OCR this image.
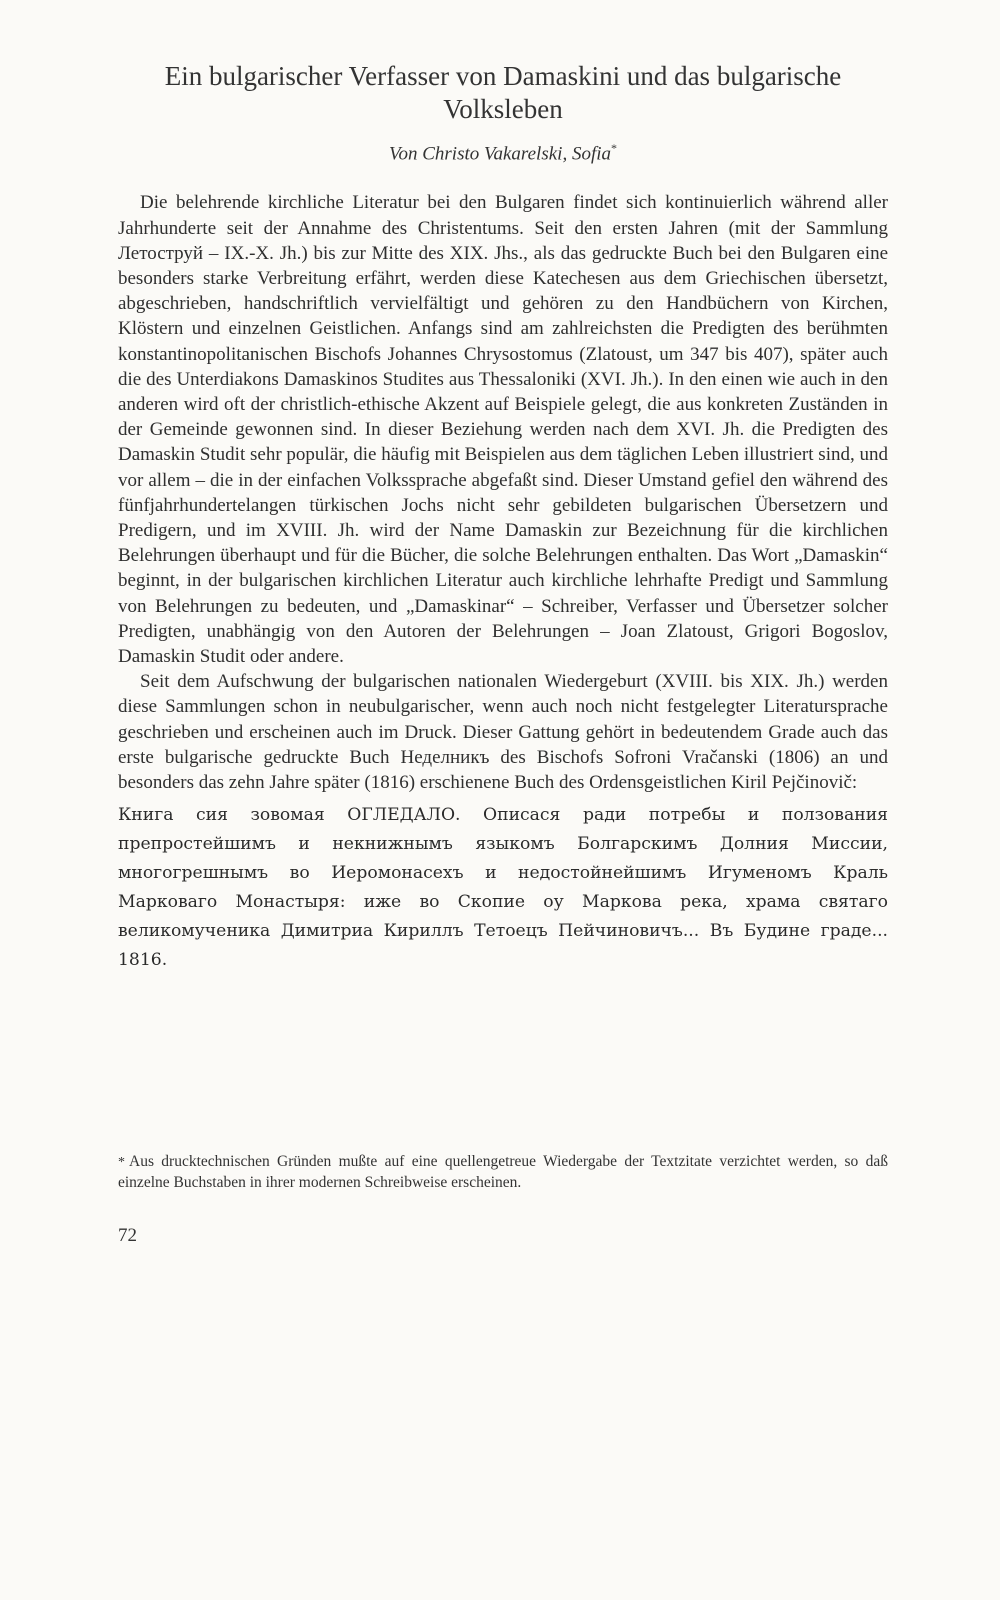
Ein bulgarischer Verfasser von Damaskini und das bulgarische Volksleben
Von Christo Vakarelski, Sofia*

Die belehrende kirchliche Literatur bei den Bulgaren findet sich kontinuierlich während aller Jahrhunderte seit der Annahme des Christentums. Seit den ersten Jahren (mit der Sammlung Летоструй – IX.-X. Jh.) bis zur Mitte des XIX. Jhs., als das gedruckte Buch bei den Bulgaren eine besonders starke Verbreitung erfährt, werden diese Katechesen aus dem Griechischen übersetzt, abgeschrieben, handschriftlich vervielfältigt und gehören zu den Handbüchern von Kirchen, Klöstern und einzelnen Geistlichen. Anfangs sind am zahlreichsten die Predigten des berühmten konstantinopolitanischen Bischofs Johannes Chrysostomus (Zlatoust, um 347 bis 407), später auch die des Unterdiakons Damaskinos Studites aus Thessaloniki (XVI. Jh.). In den einen wie auch in den anderen wird oft der christlich-ethische Akzent auf Beispiele gelegt, die aus konkreten Zuständen in der Gemeinde gewonnen sind. In dieser Beziehung werden nach dem XVI. Jh. die Predigten des Damaskin Studit sehr populär, die häufig mit Beispielen aus dem täglichen Leben illustriert sind, und vor allem – die in der einfachen Volkssprache abgefaßt sind. Dieser Umstand gefiel den während des fünfjahrhundertelangen türkischen Jochs nicht sehr gebildeten bulgarischen Übersetzern und Predigern, und im XVIII. Jh. wird der Name Damaskin zur Bezeichnung für die kirchlichen Belehrungen überhaupt und für die Bücher, die solche Belehrungen enthalten. Das Wort „Damaskin“ beginnt, in der bulgarischen kirchlichen Literatur auch kirchliche lehrhafte Predigt und Sammlung von Belehrungen zu bedeuten, und „Damaskinar“ – Schreiber, Verfasser und Übersetzer solcher Predigten, unabhängig von den Autoren der Belehrungen – Joan Zlatoust, Grigori Bogoslov, Damaskin Studit oder andere.

Seit dem Aufschwung der bulgarischen nationalen Wiedergeburt (XVIII. bis XIX. Jh.) werden diese Sammlungen schon in neubulgarischer, wenn auch noch nicht festgelegter Literatursprache geschrieben und erscheinen auch im Druck. Dieser Gattung gehört in bedeutendem Grade auch das erste bulgarische gedruckte Buch Неделникъ des Bischofs Sofroni Vračanski (1806) an und besonders das zehn Jahre später (1816) erschienene Buch des Ordensgeistlichen Kiril Pejčinovič:

Книга сия зовомая ОГЛЕДАЛО. Описася ради потребы и ползования препростейшимъ и некнижнымъ языкомъ Болгарскимъ Долния Мисcии, многогрешнымъ во Иеромонасехъ и недостойнейшимъ Игуменомъ Краль Марковаго Монастыря: иже во Скопие оу Маркова река, храма святаго великомученика Димитриа Кириллъ Тетоецъ Пейчиновичъ... Въ Будине граде... 1816.

* Aus drucktechnischen Gründen mußte auf eine quellengetreue Wiedergabe der Textzitate verzichtet werden, so daß einzelne Buchstaben in ihrer modernen Schreibweise erscheinen.
72
